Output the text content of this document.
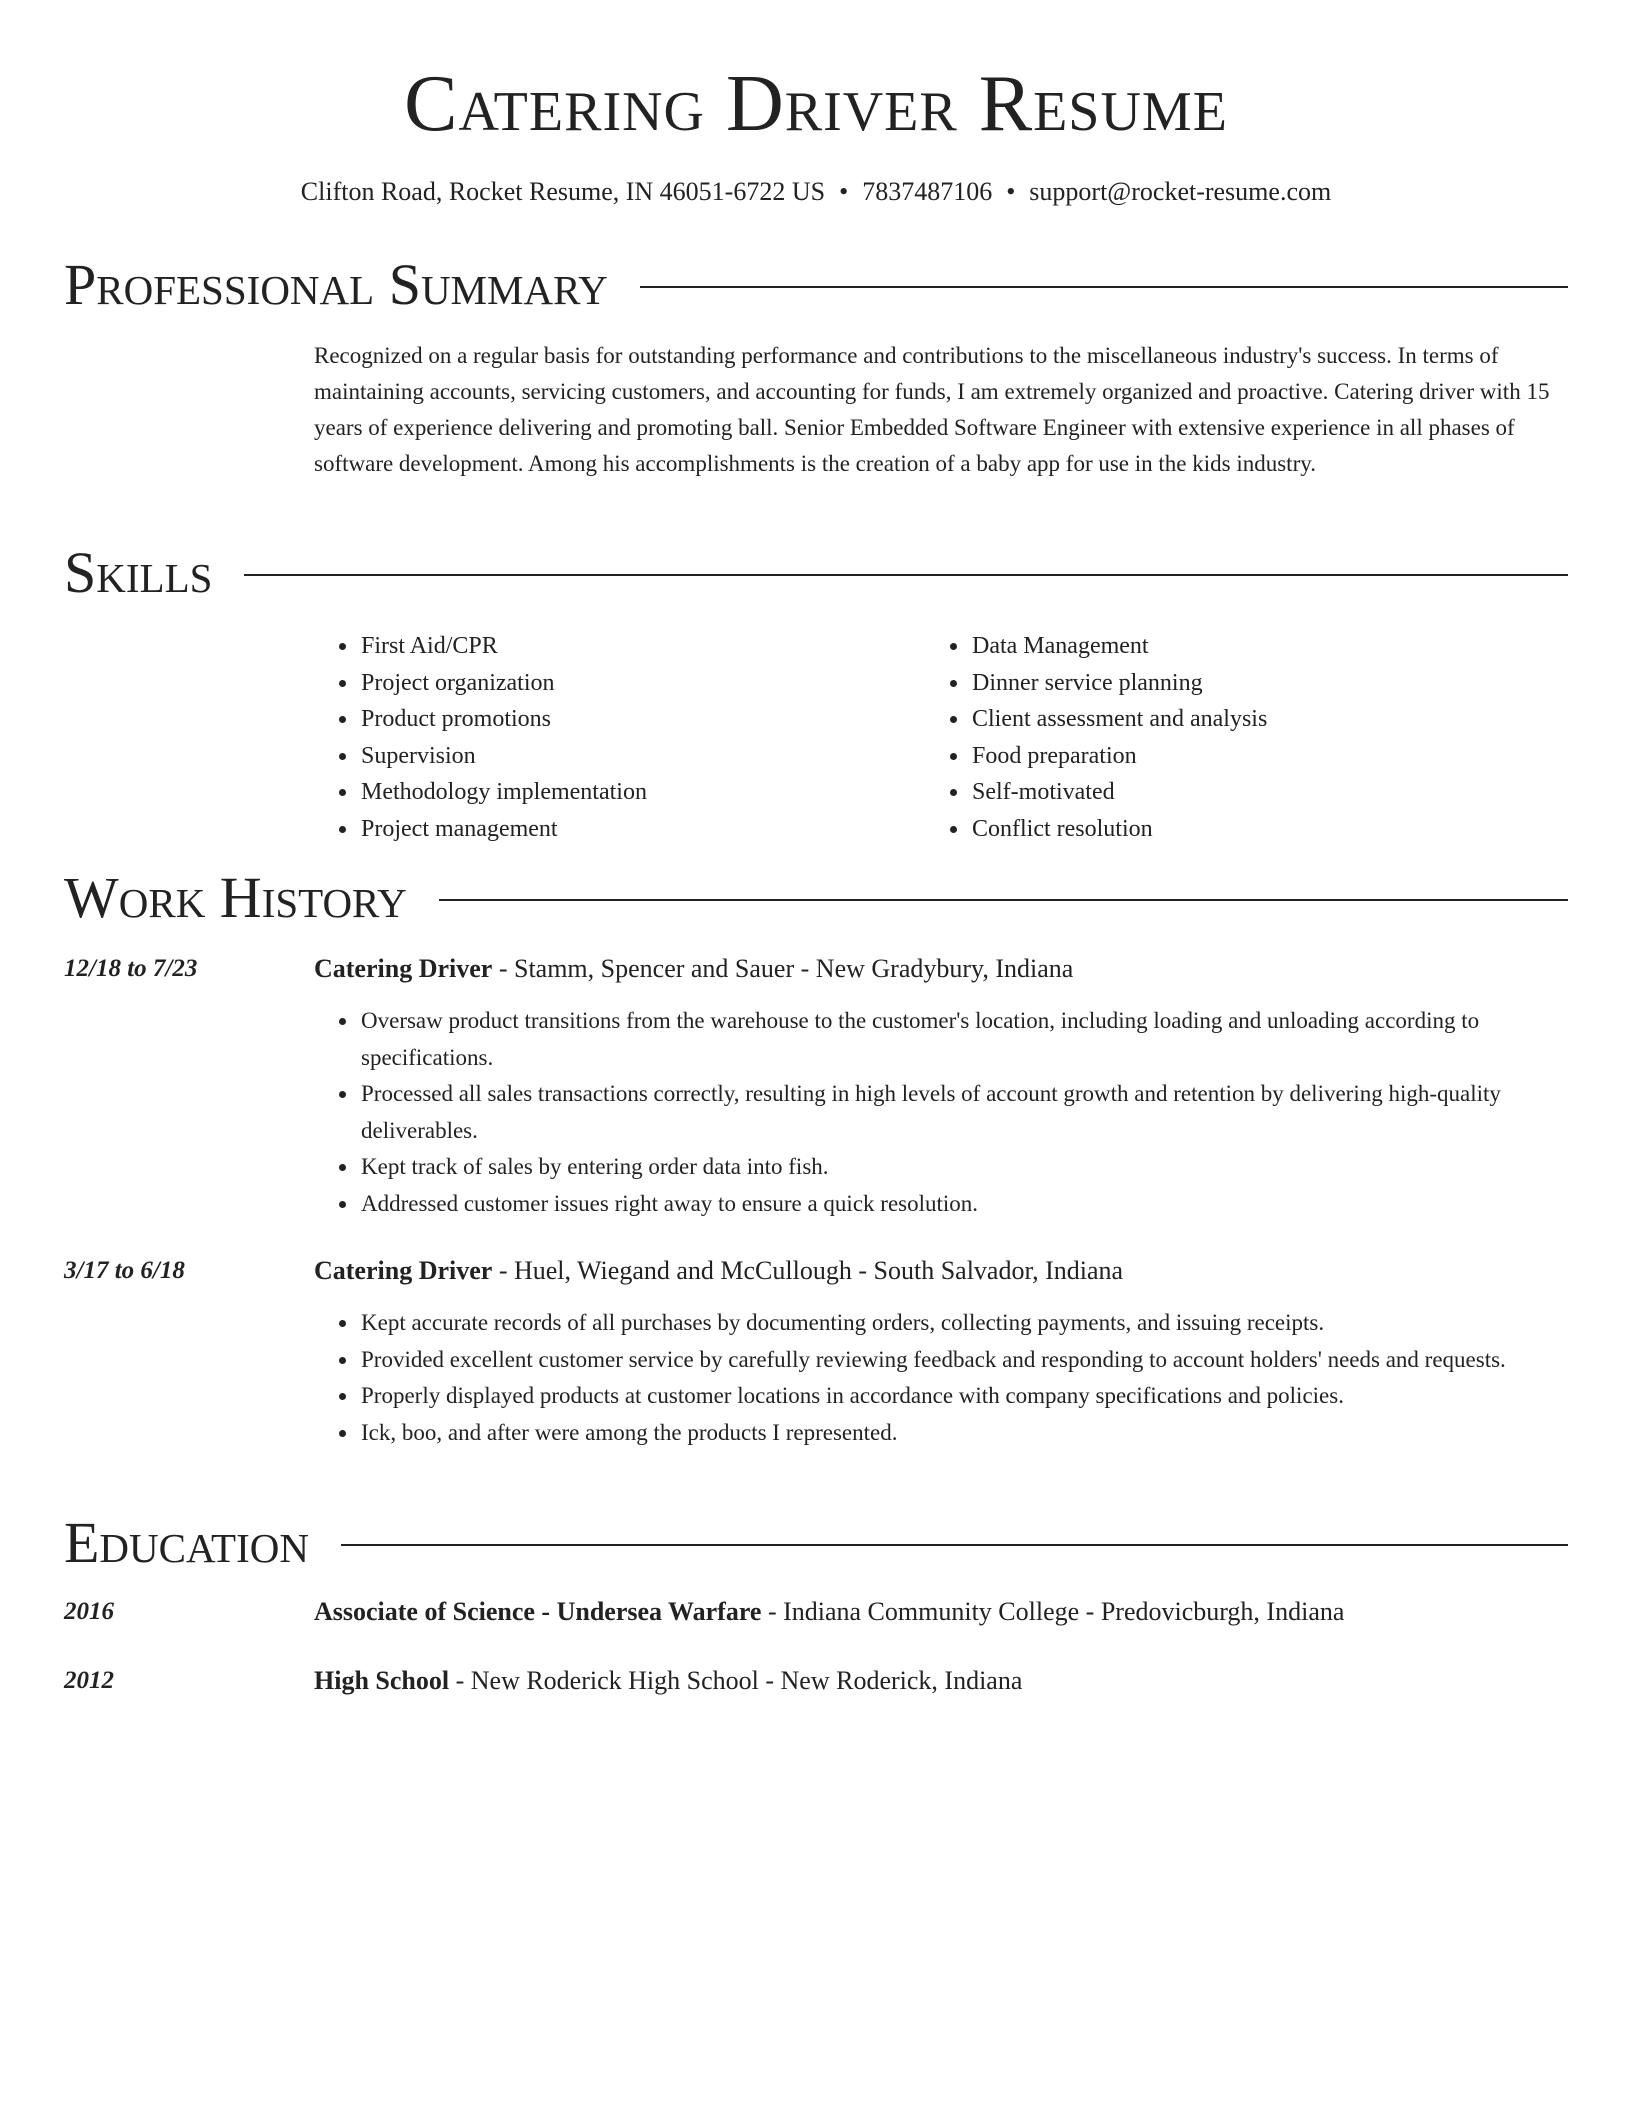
Catering Driver Resume
Clifton Road, Rocket Resume, IN 46051-6722 US • 7837487106 • support@rocket-resume.com
Professional Summary

Recognized on a regular basis for outstanding performance and contributions to the miscellaneous industry's success. In terms of maintaining accounts, servicing customers, and accounting for funds, I am extremely organized and proactive. Catering driver with 15 years of experience delivering and promoting ball. Senior Embedded Software Engineer with extensive experience in all phases of software development. Among his accomplishments is the creation of a baby app for use in the kids industry.

Skills
• First Aid/CPR
• Project organization
• Product promotions
• Supervision
• Methodology implementation
• Project management
• Data Management
• Dinner service planning
• Client assessment and analysis
• Food preparation
• Self-motivated
• Conflict resolution
Work History
12/18 to 7/23	Catering Driver - Stamm, Spencer and Sauer - New Gradybury, Indiana
• Oversaw product transitions from the warehouse to the customer's location, including loading and unloading according to specifications.
• Processed all sales transactions correctly, resulting in high levels of account growth and retention by delivering high-quality deliverables.
• Kept track of sales by entering order data into fish.
• Addressed customer issues right away to ensure a quick resolution.
3/17 to 6/18	Catering Driver - Huel, Wiegand and McCullough - South Salvador, Indiana
• Kept accurate records of all purchases by documenting orders, collecting payments, and issuing receipts.
• Provided excellent customer service by carefully reviewing feedback and responding to account holders' needs and requests.
• Properly displayed products at customer locations in accordance with company specifications and policies.
• Ick, boo, and after were among the products I represented.
Education
2016	Associate of Science - Undersea Warfare - Indiana Community College - Predovicburgh, Indiana
2012	High School - New Roderick High School - New Roderick, Indiana
